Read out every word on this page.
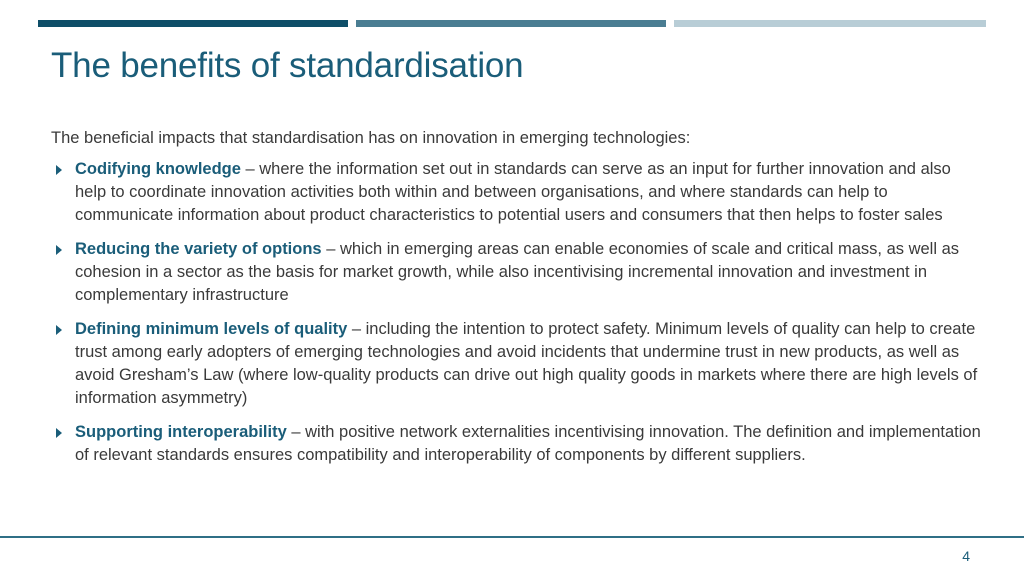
The benefits of standardisation

The beneficial impacts that standardisation has on innovation in emerging technologies:

Codifying knowledge – where the information set out in standards can serve as an input for further innovation and also help to coordinate innovation activities both within and between organisations, and where standards can help to communicate information about product characteristics to potential users and consumers that then helps to foster sales
Reducing the variety of options – which in emerging areas can enable economies of scale and critical mass, as well as cohesion in a sector as the basis for market growth, while also incentivising incremental innovation and investment in complementary infrastructure
Defining minimum levels of quality – including the intention to protect safety. Minimum levels of quality can help to create trust among early adopters of emerging technologies and avoid incidents that undermine trust in new products, as well as avoid Gresham’s Law (where low-quality products can drive out high quality goods in markets where there are high levels of information asymmetry)
Supporting interoperability – with positive network externalities incentivising innovation. The definition and implementation of relevant standards ensures compatibility and interoperability of components by different suppliers.
4
